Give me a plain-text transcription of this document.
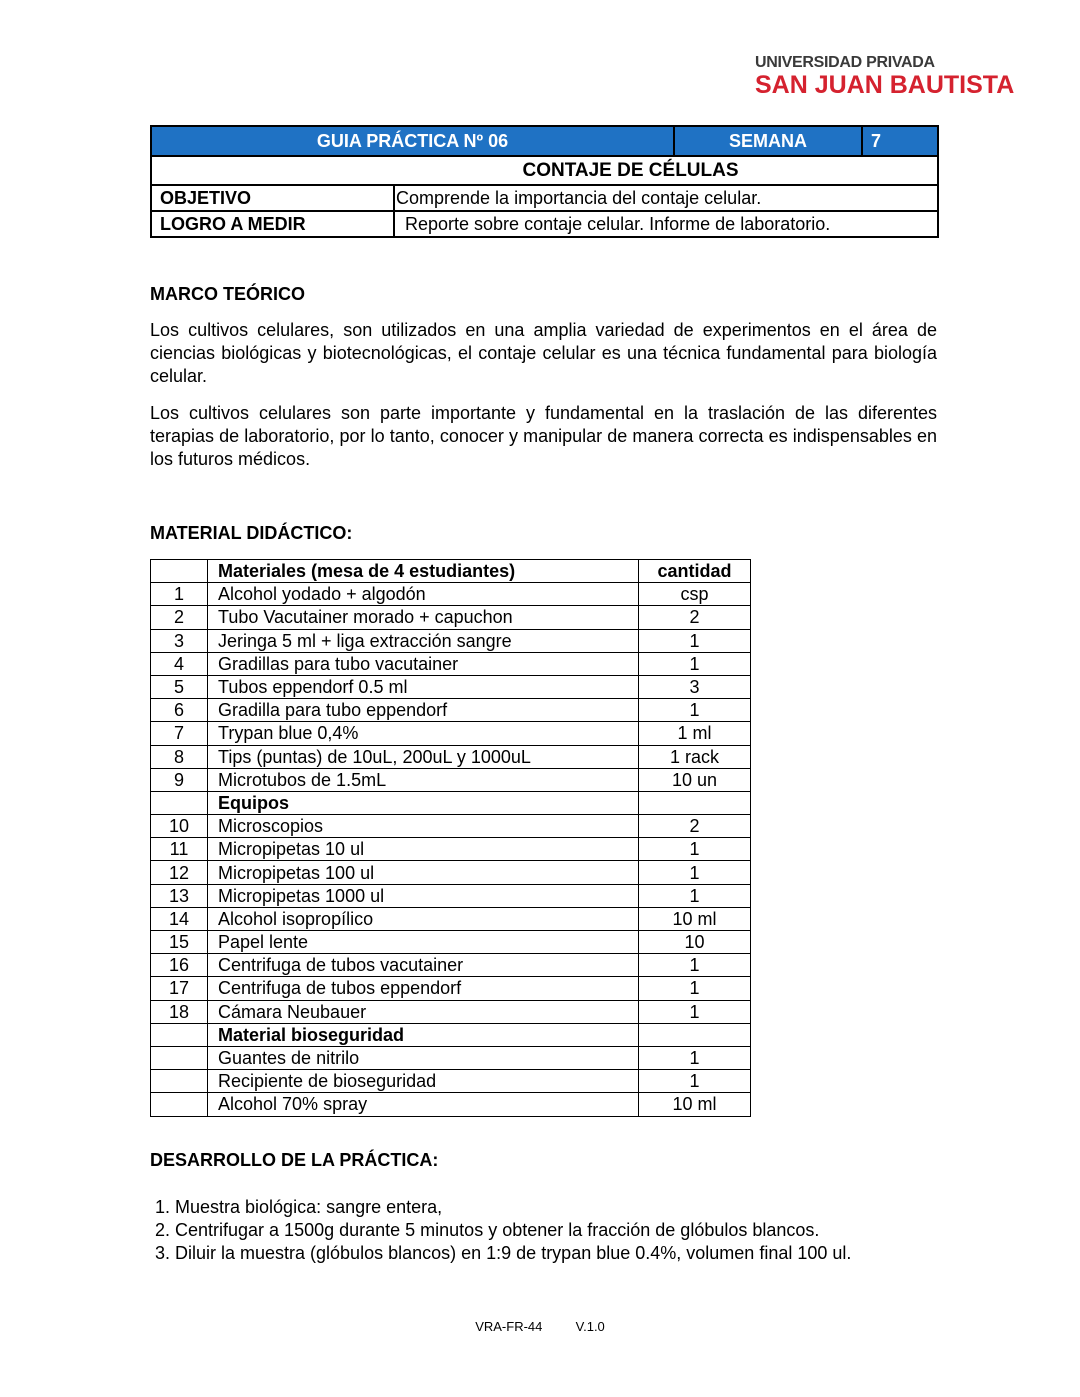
UNIVERSIDAD PRIVADA
SAN JUAN BAUTISTA
GUIA PRÁCTICA Nº 06		SEMANA	7
CONTAJE DE CÉLULAS			
OBJETIVO	Comprende la importancia del contaje celular.		
LOGRO A MEDIR	Reporte sobre contaje celular. Informe de laboratorio.		
MARCO TEÓRICO
Los cultivos celulares, son utilizados en una amplia variedad de experimentos en el área de ciencias biológicas y biotecnológicas, el contaje celular es una técnica fundamental para biología celular.
Los cultivos celulares son parte importante y fundamental en la traslación de las diferentes terapias de laboratorio, por lo tanto, conocer y manipular de manera correcta es indispensables en los futuros médicos.
MATERIAL DIDÁCTICO:
	Materiales (mesa de 4 estudiantes)	cantidad
1	Alcohol yodado + algodón	csp
2	Tubo Vacutainer morado + capuchon	2
3	Jeringa 5 ml + liga extracción sangre	1
4	Gradillas para tubo vacutainer	1
5	Tubos eppendorf 0.5 ml	3
6	Gradilla para tubo eppendorf	1
7	Trypan blue 0,4%	1 ml
8	Tips (puntas) de 10uL, 200uL y 1000uL	1 rack
9	Microtubos de 1.5mL	10 un
	Equipos	
10	Microscopios	2
11	Micropipetas 10 ul	1
12	Micropipetas 100 ul	1
13	Micropipetas 1000 ul	1
14	Alcohol isopropílico	10 ml
15	Papel lente	10
16	Centrifuga de tubos vacutainer	1
17	Centrifuga de tubos eppendorf	1
18	Cámara Neubauer	1
	Material bioseguridad	
	Guantes de nitrilo	1
	Recipiente de bioseguridad	1
	Alcohol 70% spray	10 ml
DESARROLLO DE LA PRÁCTICA:
1. Muestra biológica: sangre entera,
2. Centrifugar a 1500g durante 5 minutos y obtener la fracción de glóbulos blancos.
3. Diluir la muestra (glóbulos blancos) en 1:9 de trypan blue 0.4%, volumen final 100 ul.
VRA-FR-44	V.1.0
